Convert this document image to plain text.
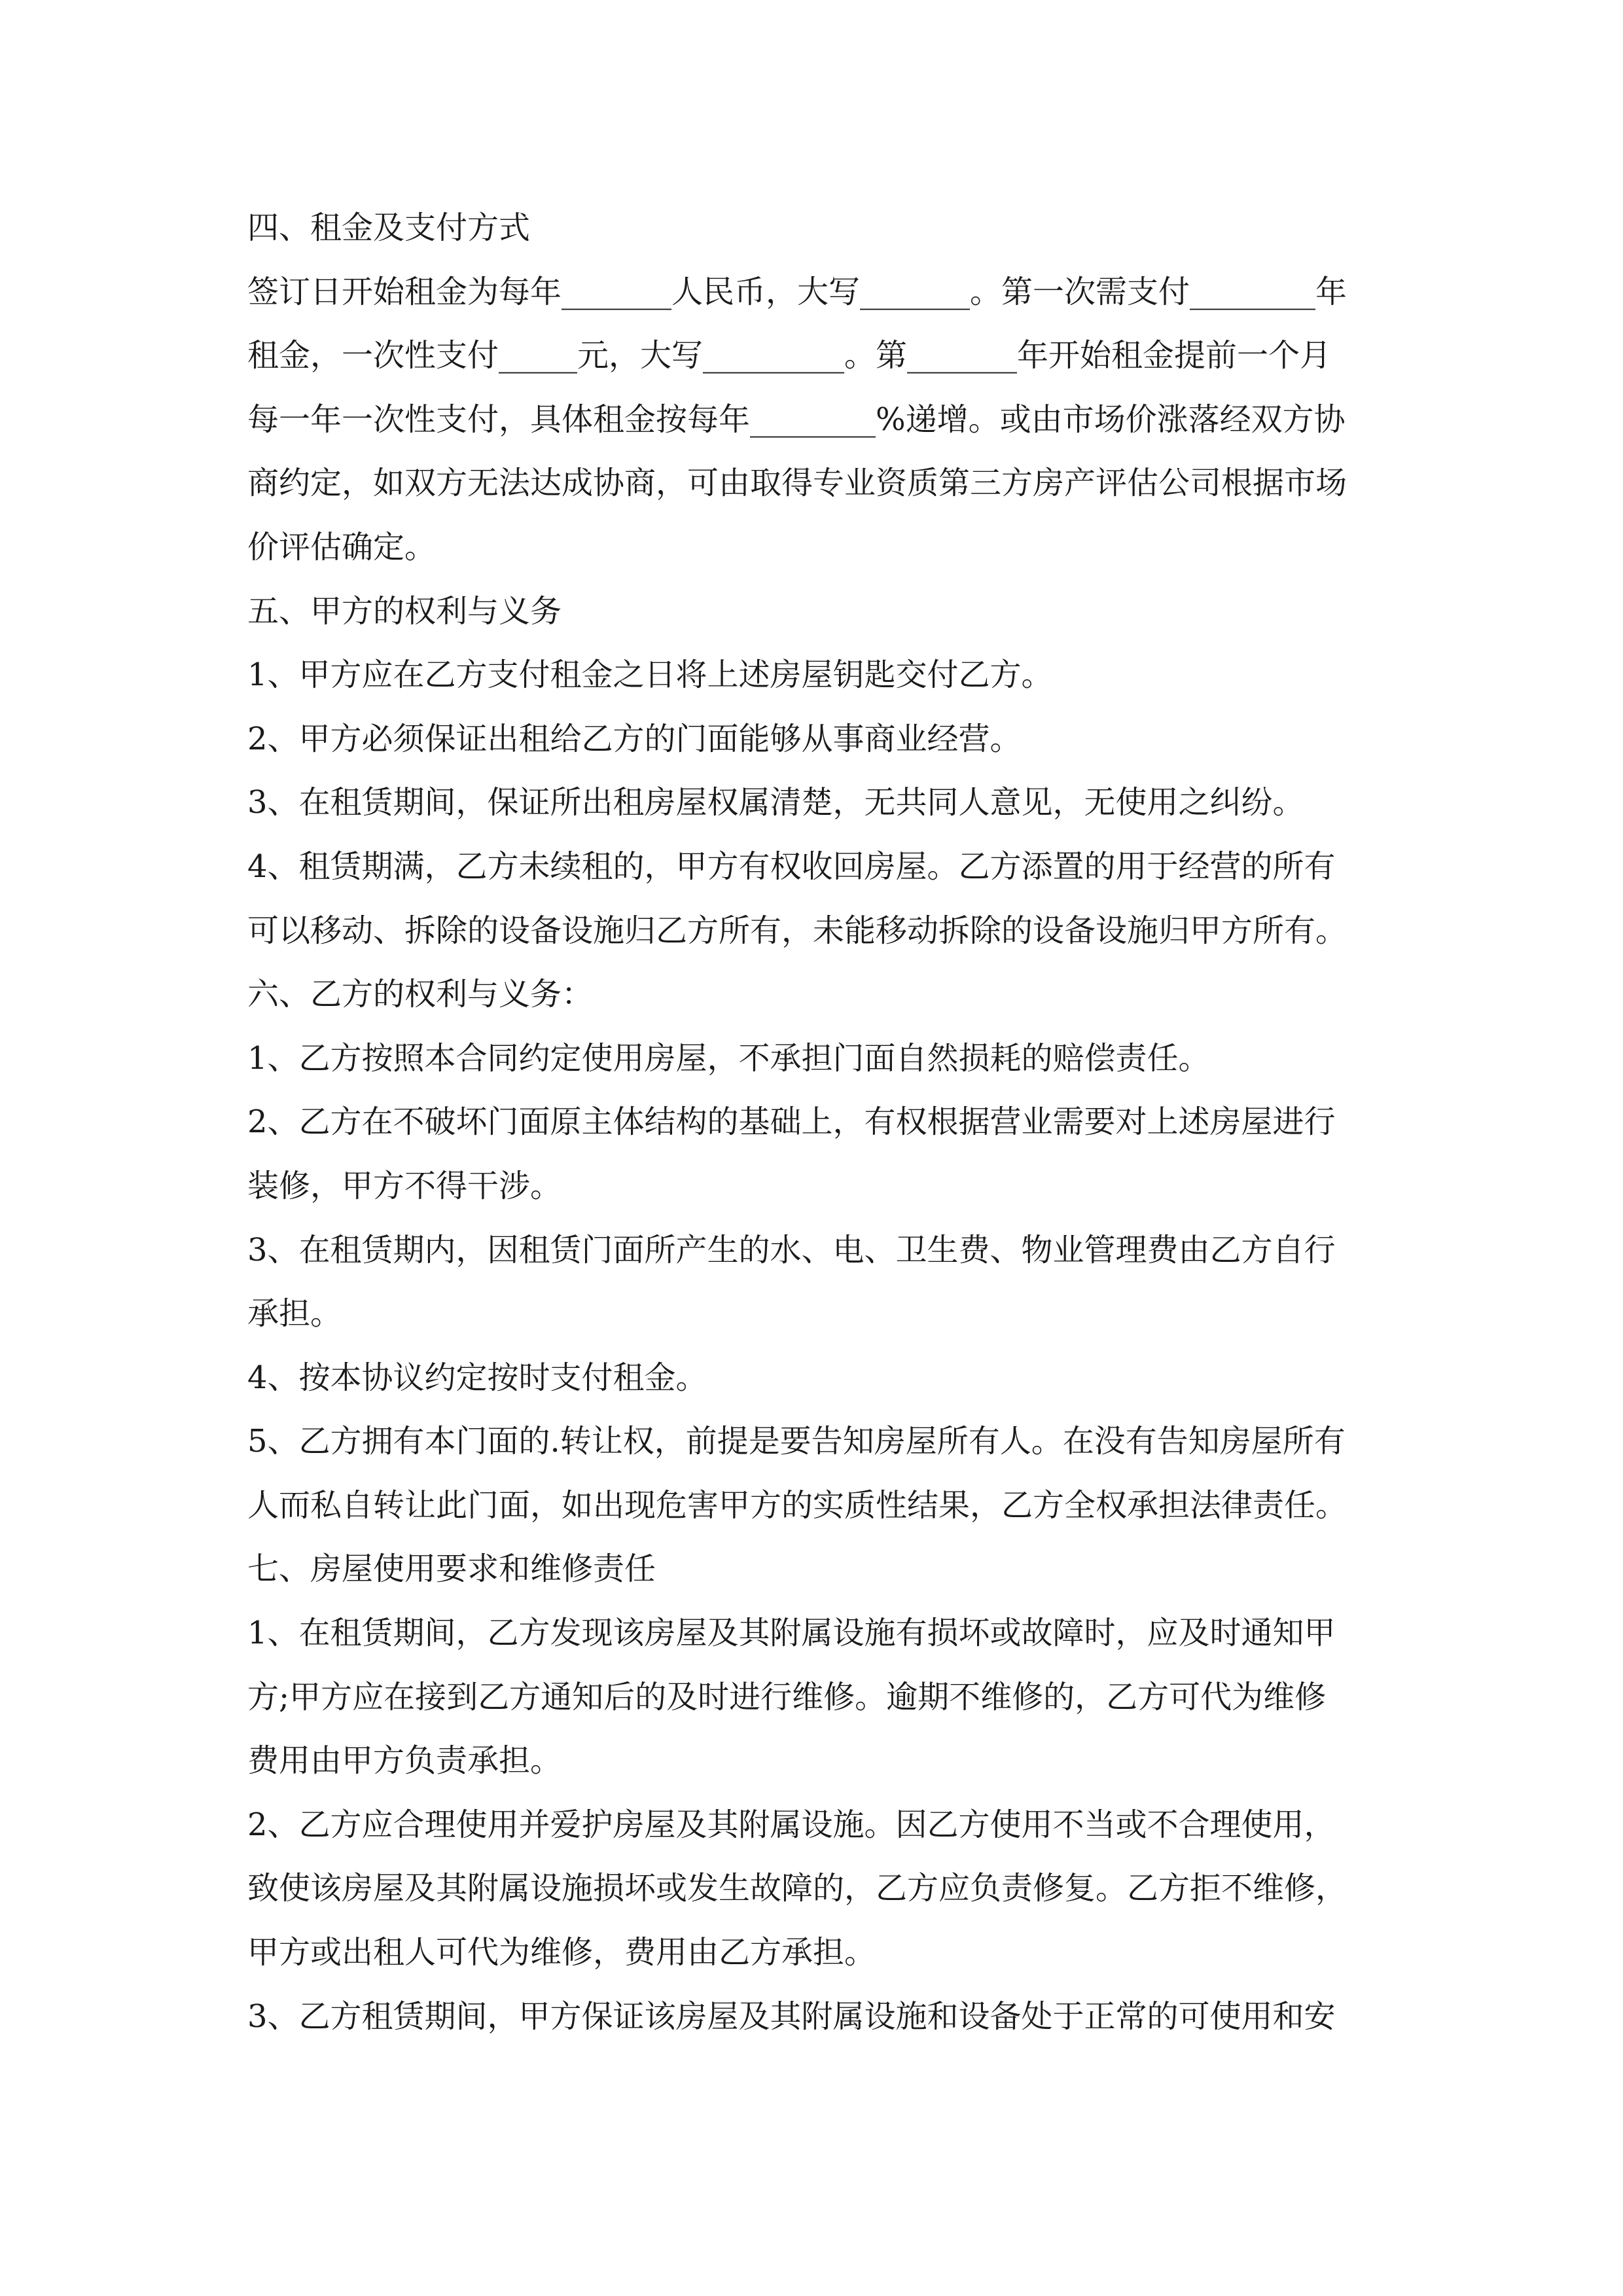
四、租金及支付方式
签订日开始租金为每年_______人民币，大写_______。第一次需支付________年
租金，一次性支付_____元，大写_________。第_______年开始租金提前一个月
每一年一次性支付，具体租金按每年________%递增。或由市场价涨落经双方协
商约定，如双方无法达成协商，可由取得专业资质第三方房产评估公司根据市场
价评估确定。
五、甲方的权利与义务
1、甲方应在乙方支付租金之日将上述房屋钥匙交付乙方。
2、甲方必须保证出租给乙方的门面能够从事商业经营。
3、在租赁期间，保证所出租房屋权属清楚，无共同人意见，无使用之纠纷。
4、租赁期满，乙方未续租的，甲方有权收回房屋。乙方添置的用于经营的所有
可以移动、拆除的设备设施归乙方所有，未能移动拆除的设备设施归甲方所有。
六、乙方的权利与义务：
1、乙方按照本合同约定使用房屋，不承担门面自然损耗的赔偿责任。
2、乙方在不破坏门面原主体结构的基础上，有权根据营业需要对上述房屋进行
装修，甲方不得干涉。
3、在租赁期内，因租赁门面所产生的水、电、卫生费、物业管理费由乙方自行
承担。
4、按本协议约定按时支付租金。
5、乙方拥有本门面的.转让权，前提是要告知房屋所有人。在没有告知房屋所有
人而私自转让此门面，如出现危害甲方的实质性结果，乙方全权承担法律责任。
七、房屋使用要求和维修责任
1、在租赁期间，乙方发现该房屋及其附属设施有损坏或故障时，应及时通知甲
方;甲方应在接到乙方通知后的及时进行维修。逾期不维修的，乙方可代为维修
费用由甲方负责承担。
2、乙方应合理使用并爱护房屋及其附属设施。因乙方使用不当或不合理使用，
致使该房屋及其附属设施损坏或发生故障的，乙方应负责修复。乙方拒不维修，
甲方或出租人可代为维修，费用由乙方承担。
3、乙方租赁期间，甲方保证该房屋及其附属设施和设备处于正常的可使用和安
